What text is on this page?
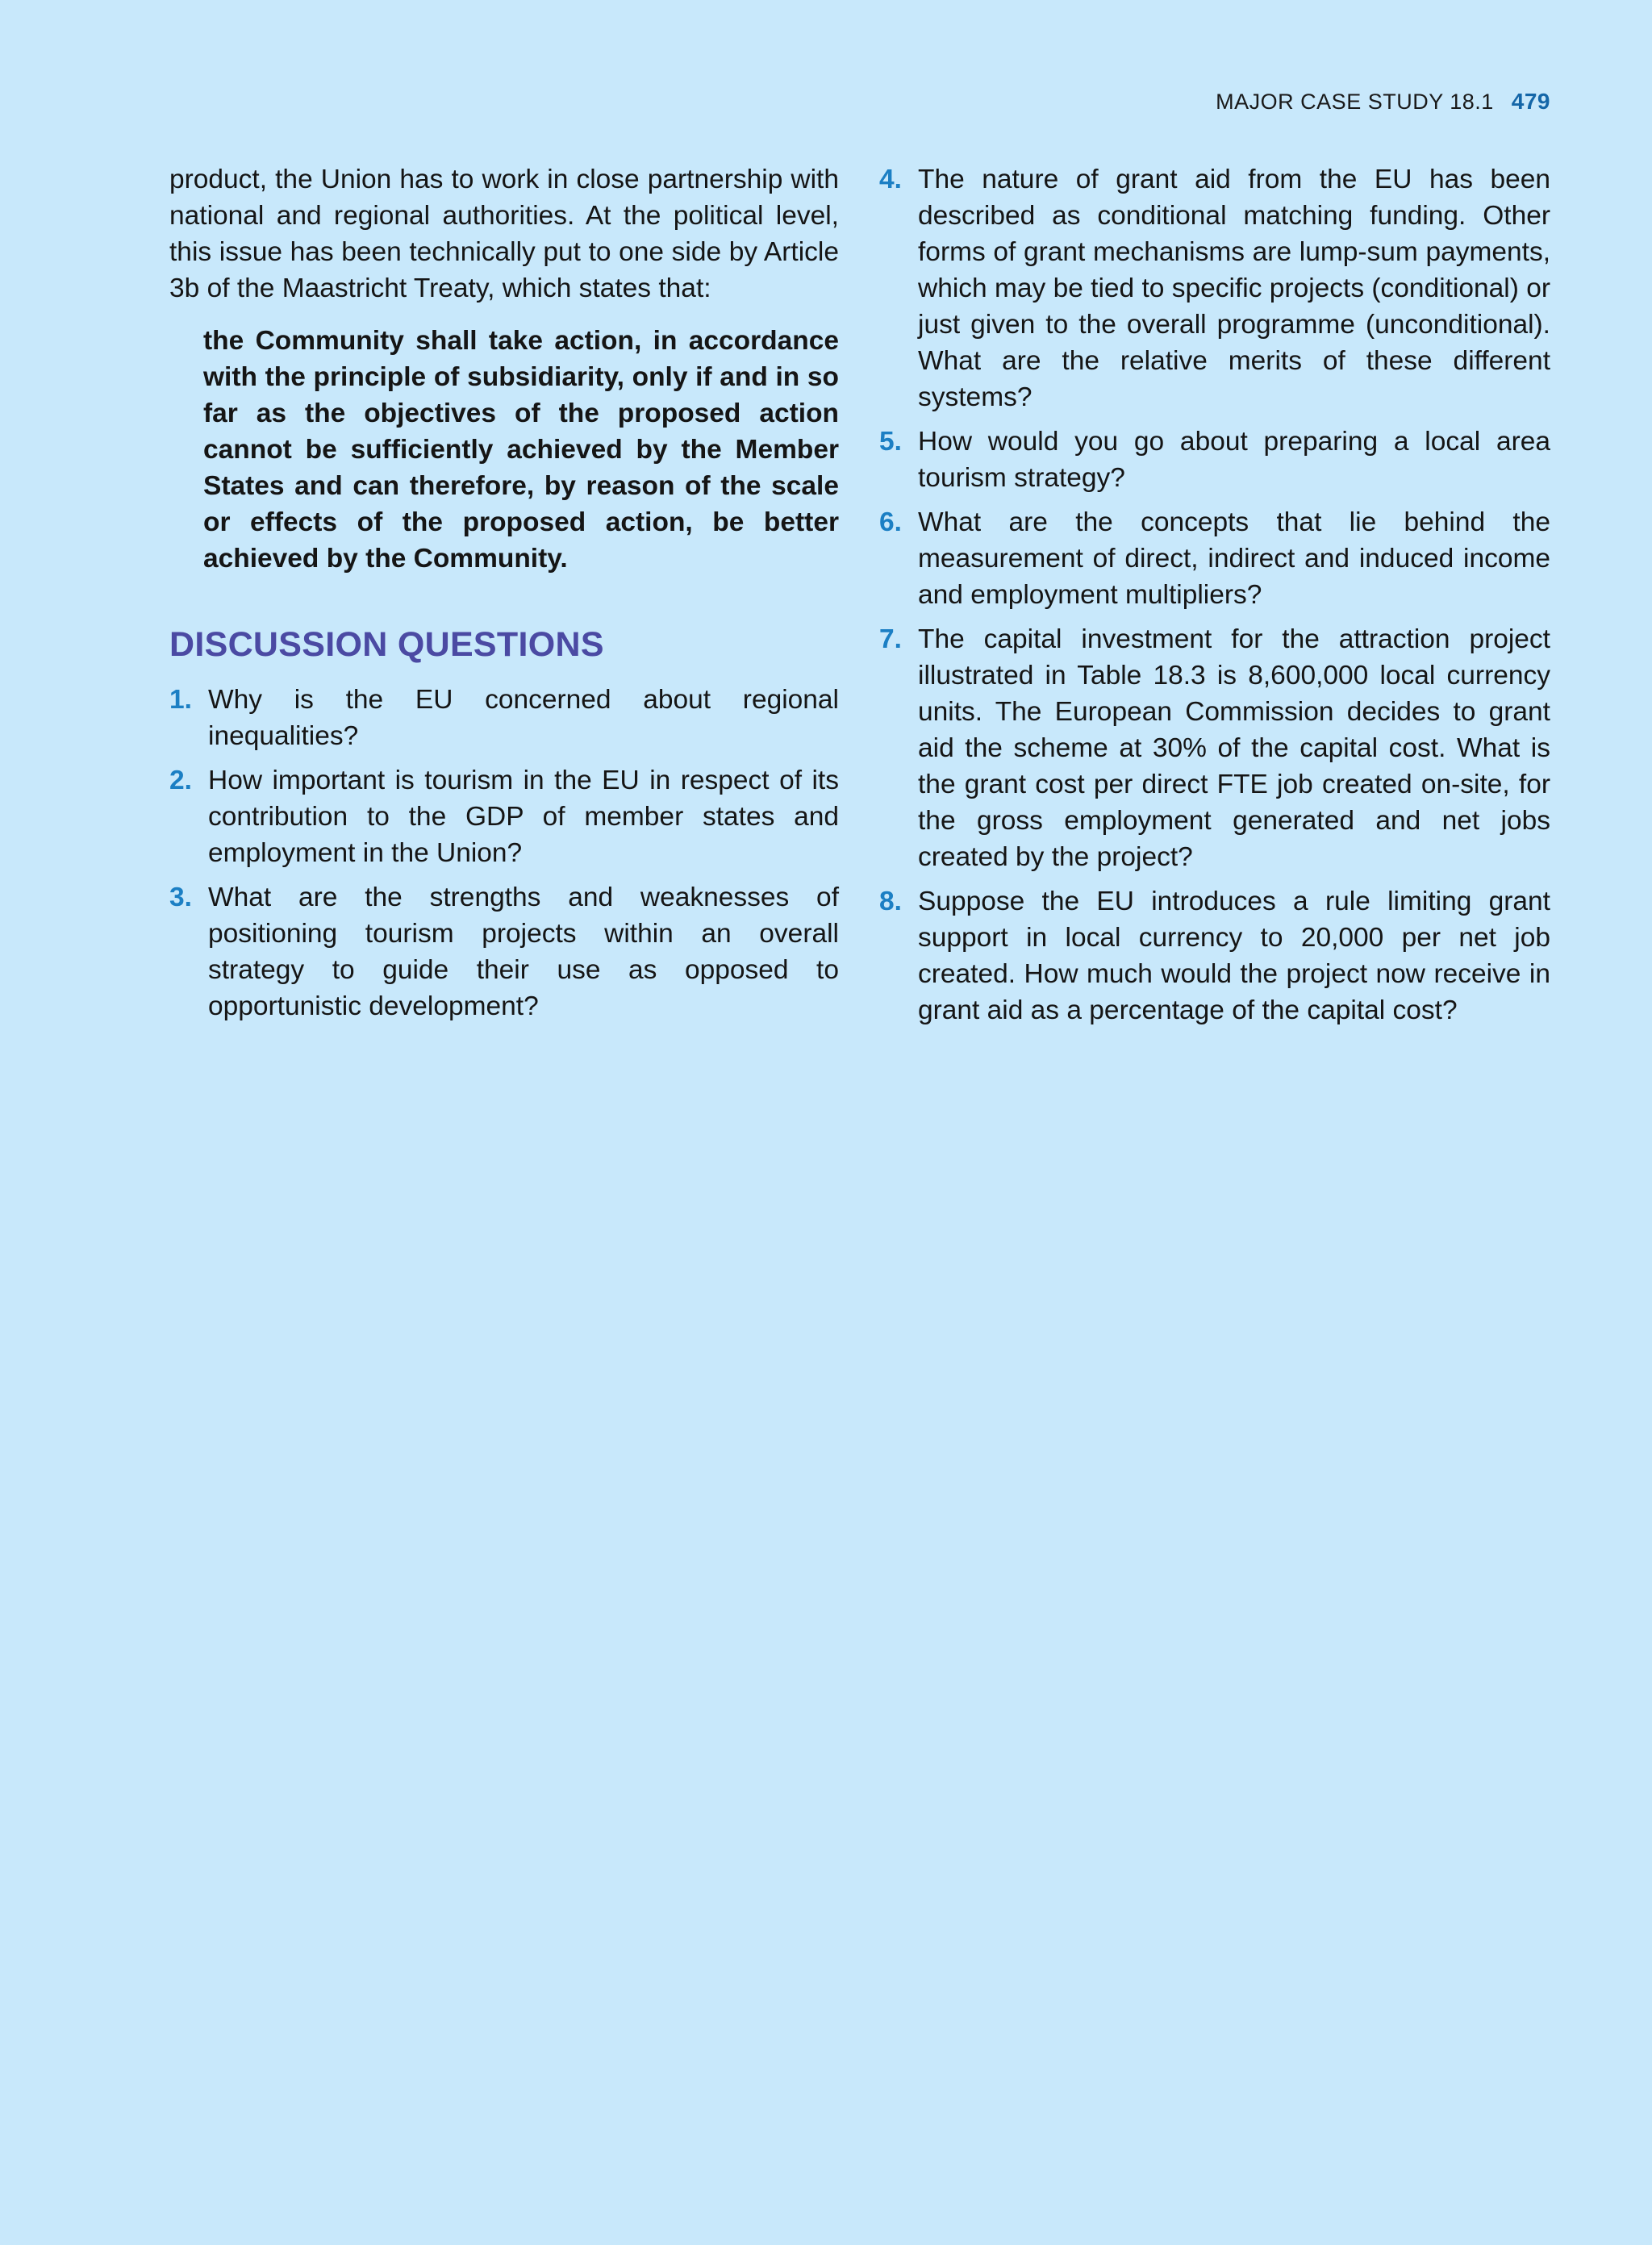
MAJOR CASE STUDY 18.1 479

product, the Union has to work in close partnership with national and regional authorities. At the political level, this issue has been technically put to one side by Article 3b of the Maastricht Treaty, which states that:

the Community shall take action, in accordance with the principle of subsidiarity, only if and in so far as the objectives of the proposed action cannot be sufficiently achieved by the Member States and can therefore, by reason of the scale or effects of the proposed action, be better achieved by the Community.

DISCUSSION QUESTIONS
1. Why is the EU concerned about regional inequalities?
2. How important is tourism in the EU in respect of its contribution to the GDP of member states and employment in the Union?
3. What are the strengths and weaknesses of positioning tourism projects within an overall strategy to guide their use as opposed to opportunistic development?
4. The nature of grant aid from the EU has been described as conditional matching funding. Other forms of grant mechanisms are lump-sum payments, which may be tied to specific projects (conditional) or just given to the overall programme (unconditional). What are the relative merits of these different systems?
5. How would you go about preparing a local area tourism strategy?
6. What are the concepts that lie behind the measurement of direct, indirect and induced income and employment multipliers?
7. The capital investment for the attraction project illustrated in Table 18.3 is 8,600,000 local currency units. The European Commission decides to grant aid the scheme at 30% of the capital cost. What is the grant cost per direct FTE job created on-site, for the gross employment generated and net jobs created by the project?
8. Suppose the EU introduces a rule limiting grant support in local currency to 20,000 per net job created. How much would the project now receive in grant aid as a percentage of the capital cost?
